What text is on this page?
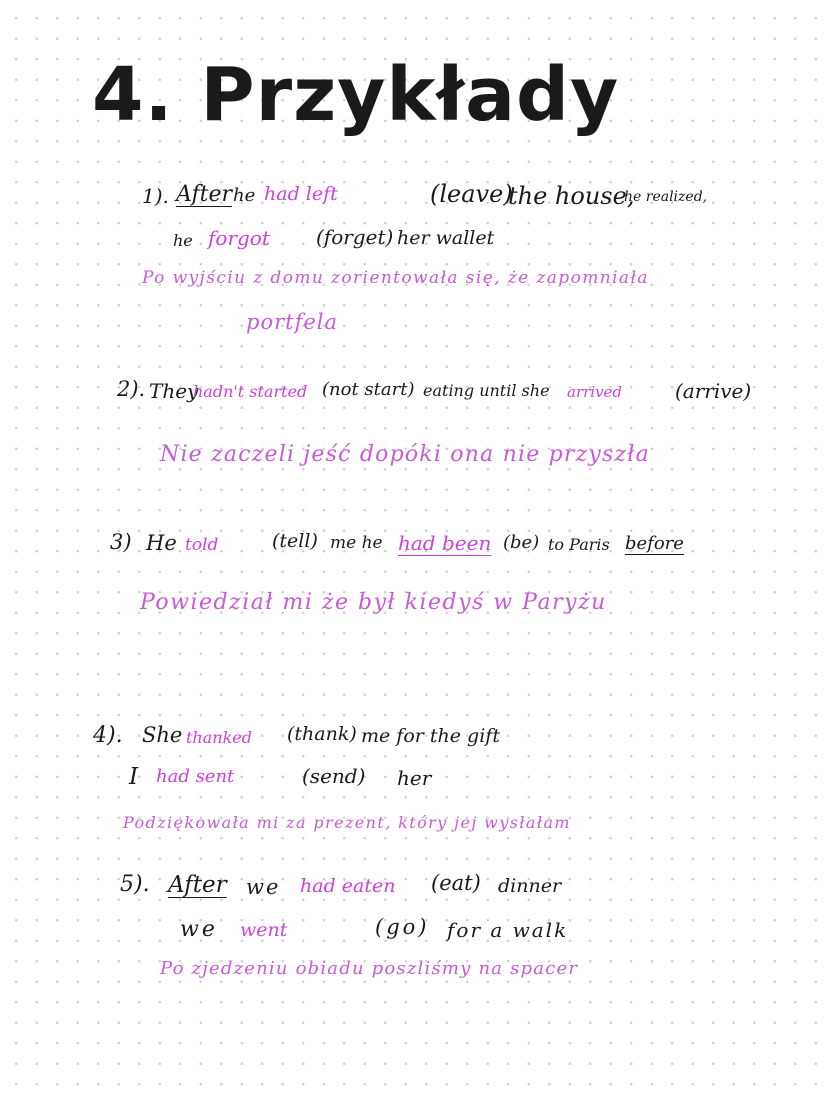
4. Przykłady
1). After he had left	(leave)
the house,
he realized,
he forgot (forget) her wallet
Po wyjściu z domu zorientowała się, że zapomniała
portfela
2). They
hadn't started (not start) eating until she arrived	(arrive)
Nie zaczeli jeść dopóki ona nie przyszła
3) He told	(tell) me he had been (be) to Paris before
Powiedział mi że był kiedyś w Paryżu
4). She thanked (thank) me for the gift
I had sent	(send) her
Podziękowała mi za prezent, który jej wysłałam
5). After we had eaten (eat) dinner
we went	(go) for a walk
Po zjedzeniu obiadu poszliśmy na spacer
